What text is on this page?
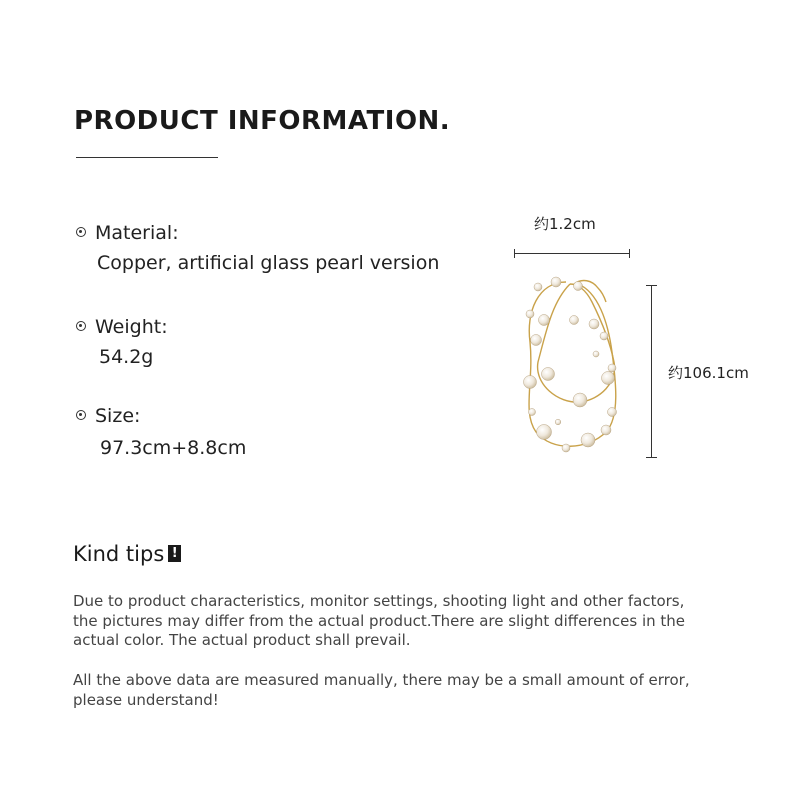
PRODUCT INFORMATION.
Material:
Copper, artificial glass pearl version
Weight:
54.2g
Size:
97.3cm+8.8cm
约1.2cm
约106.1cm
Kind tips !
Due to product characteristics, monitor settings, shooting light and other factors, the pictures may differ from the actual product.There are slight differences in the actual color. The actual product shall prevail.
All the above data are measured manually, there may be a small amount of error, please understand!
